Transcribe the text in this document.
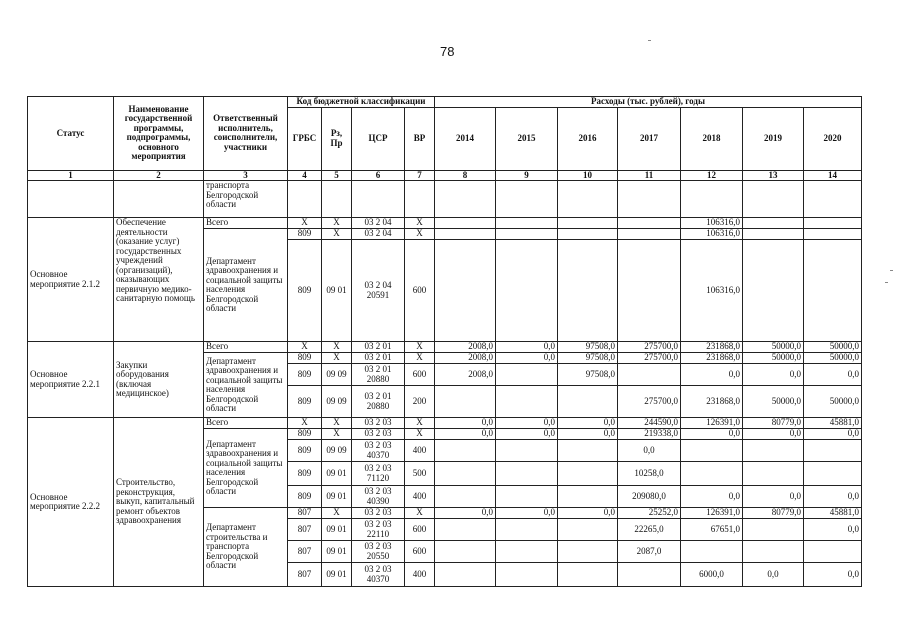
78
Статус	Наименование государственной программы, подпрограммы, основного мероприятия	Ответственный исполнитель, соисполнители, участники	Код бюджетной классификации				Расходы (тыс. рублей), годы						
			ГРБС	Рз, Пр	ЦСР	ВР	2014	2015	2016	2017	2018	2019	2020
1	2	3	4	5	6	7	8	9	10	11	12	13	14
		транспорта Белгородской области											
Основное мероприятие 2.1.2	Обеспечение деятельности (оказание услуг) государственных учреждений (организаций), оказывающих первичную медико-санитарную помощь	Всего	Х	Х	03 2 04	Х					106316,0		
		Департамент здравоохранения и социальной защиты населения Белгородской области	809	Х	03 2 04	Х					106316,0		
			809	09 01	03 2 04 20591	600					106316,0		
Основное мероприятие 2.2.1	Закупки оборудования (включая медицинское)	Всего	Х	Х	03 2 01	Х	2008,0	0,0	97508,0	275700,0	231868,0	50000,0	50000,0
		Департамент здравоохранения и социальной защиты населения Белгородской области	809	Х	03 2 01	Х	2008,0	0,0	97508,0	275700,0	231868,0	50000,0	50000,0
			809	09 09	03 2 01 20880	600	2008,0		97508,0		0,0	0,0	0,0
			809	09 09	03 2 01 20880	200				275700,0	231868,0	50000,0	50000,0
Основное мероприятие 2.2.2	Строительство, реконструкция, выкуп, капитальный ремонт объектов здравоохранения	Всего	Х	Х	03 2 03	Х	0,0	0,0	0,0	244590,0	126391,0	80779,0	45881,0
		Департамент здравоохранения и социальной защиты населения Белгородской области	809	Х	03 2 03	Х	0,0	0,0	0,0	219338,0	0,0	0,0	0,0
			809	09 09	03 2 03 40370	400				0,0			
			809	09 01	03 2 03 71120	500				10258,0			
			809	09 01	03 2 03 40390	400				209080,0	0,0	0,0	0,0
		Департамент строительства и транспорта Белгородской области	807	Х	03 2 03	Х	0,0	0,0	0,0	25252,0	126391,0	80779,0	45881,0
			807	09 01	03 2 03 22110	600				22265,0	67651,0		0,0
			807	09 01	03 2 03 20550	600				2087,0			
			807	09 01	03 2 03 40370	400					6000,0	0,0	0,0
